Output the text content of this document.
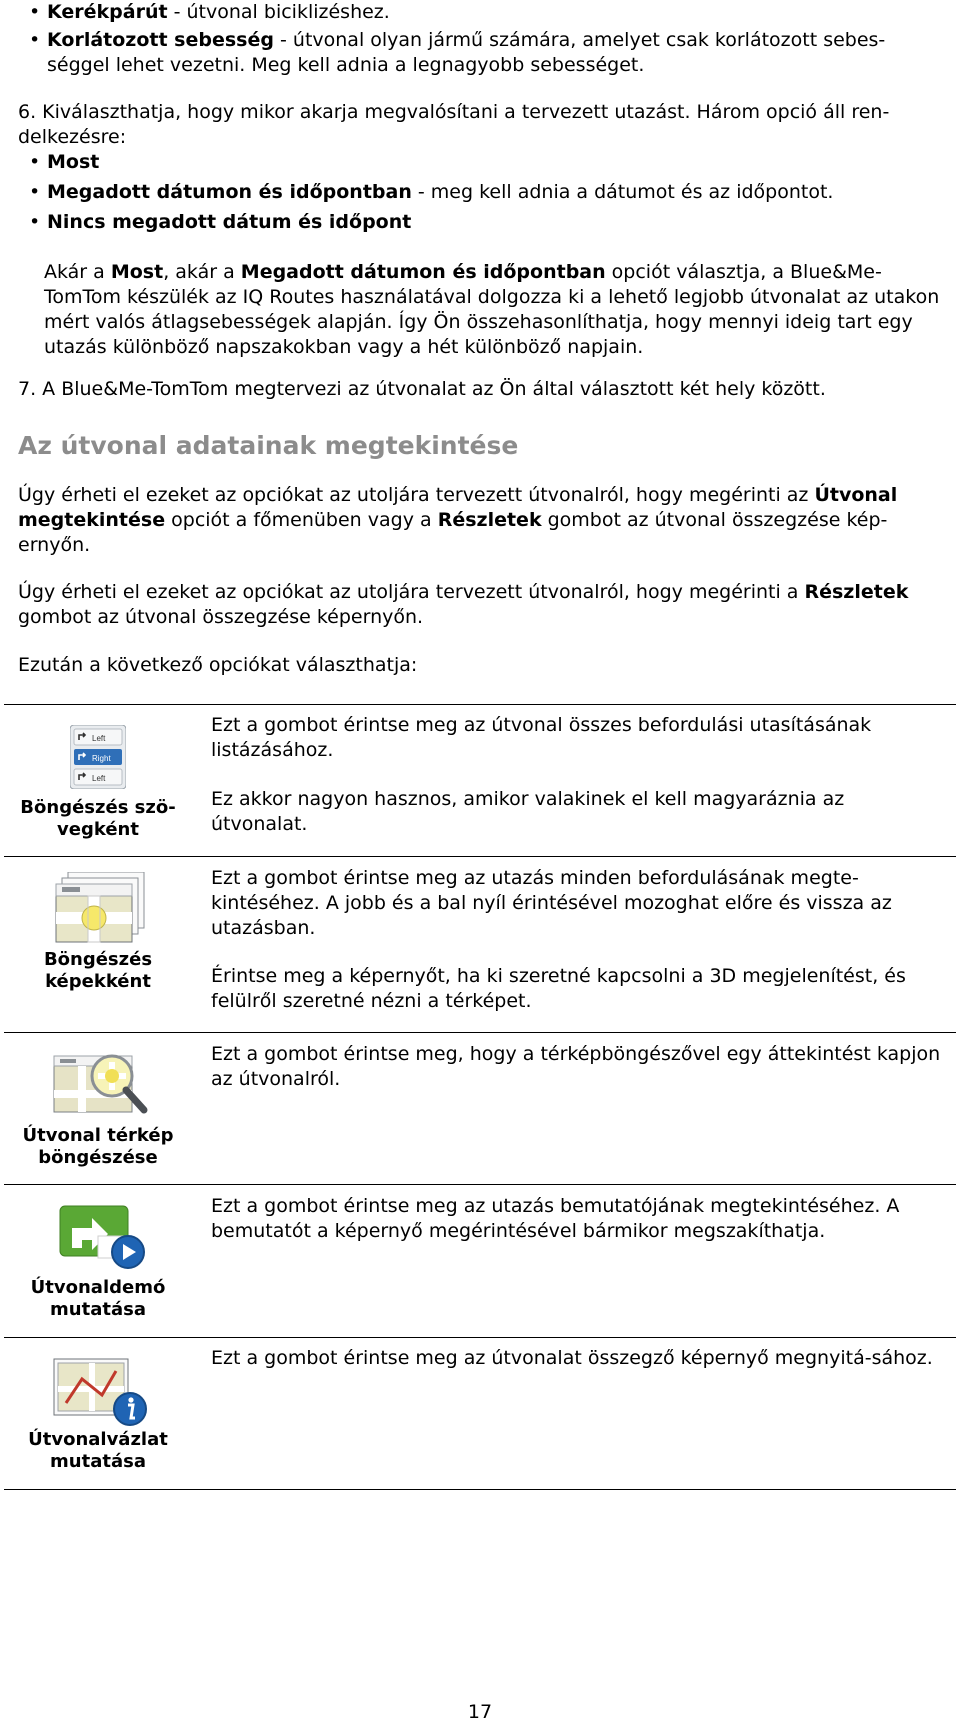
• Kerékpárút - útvonal biciklizéshez.
• Korlátozott sebesség - útvonal olyan jármű számára, amelyet csak korlátozott sebes-séggel lehet vezetni. Meg kell adnia a legnagyobb sebességet.
6. Kiválaszthatja, hogy mikor akarja megvalósítani a tervezett utazást. Három opció áll ren-delkezésre:
• Most
• Megadott dátumon és időpontban - meg kell adnia a dátumot és az időpontot.
• Nincs megadott dátum és időpont
Akár a Most, akár a Megadott dátumon és időpontban opciót választja, a Blue&Me-TomTom készülék az IQ Routes használatával dolgozza ki a lehető legjobb útvonalat az utakon mért valós átlagsebességek alapján. Így Ön összehasonlíthatja, hogy mennyi ideig tart egy utazás különböző napszakokban vagy a hét különböző napjain.
7. A Blue&Me-TomTom megtervezi az útvonalat az Ön által választott két hely között.
Az útvonal adatainak megtekintése
Úgy érheti el ezeket az opciókat az utoljára tervezett útvonalról, hogy megérinti az Útvonal megtekintése opciót a főmenüben vagy a Részletek gombot az útvonal összegzése kép-ernyőn.
Úgy érheti el ezeket az opciókat az utoljára tervezett útvonalról, hogy megérinti a Részletek gombot az útvonal összegzése képernyőn.
Ezután a következő opciókat választhatja:
Left
Right
Left
Böngészés szö-vegként
Ezt a gombot érintse meg az útvonal összes befordulási utasításának listázásához.
Ez akkor nagyon hasznos, amikor valakinek el kell magyaráznia az útvonalat.
Böngészés képekként
Ezt a gombot érintse meg az utazás minden befordulásának megte-kintéséhez. A jobb és a bal nyíl érintésével mozoghat előre és vissza az utazásban.
Érintse meg a képernyőt, ha ki szeretné kapcsolni a 3D megjelenítést, és felülről szeretné nézni a térképet.
Útvonal térkép böngészése
Ezt a gombot érintse meg, hogy a térképböngészővel egy áttekintést kapjon az útvonalról.
Útvonaldemó mutatása
Ezt a gombot érintse meg az utazás bemutatójának megtekintéséhez. A bemutatót a képernyő megérintésével bármikor megszakíthatja.
Útvonalvázlat mutatása
Ezt a gombot érintse meg az útvonalat összegző képernyő megnyitá-sához.
17
